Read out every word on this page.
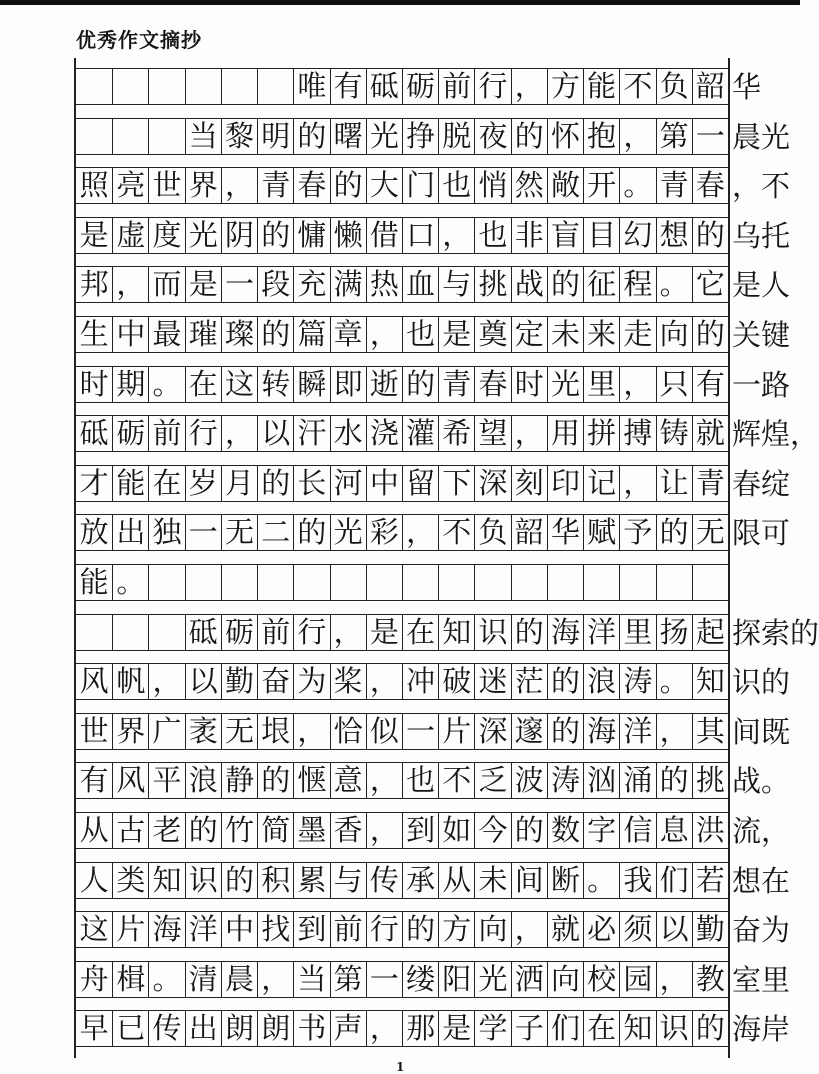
优秀作文摘抄
唯 有 砥 砺 前 行 ， 方 能 不 负 韶 华
当 黎 明 的 曙 光 挣 脱 夜 的 怀 抱 ， 第 一 晨光
照 亮 世 界 ， 青 春 的 大 门 也 悄 然 敞 开 。 青 春 ，不
是 虚 度 光 阴 的 慵 懒 借 口 ， 也 非 盲 目 幻 想 的 乌托
邦 ， 而 是 一 段 充 满 热 血 与 挑 战 的 征 程 。 它 是人
生 中 最 璀 璨 的 篇 章 ， 也 是 奠 定 未 来 走 向 的 关键
时 期 。 在 这 转 瞬 即 逝 的 青 春 时 光 里 ， 只 有 一路
砥 砺 前 行 ， 以 汗 水 浇 灌 希 望 ， 用 拼 搏 铸 就 辉煌，
才 能 在 岁 月 的 长 河 中 留 下 深 刻 印 记 ， 让 青 春绽
放 出 独 一 无 二 的 光 彩 ， 不 负 韶 华 赋 予 的 无 限可
能 。
砥 砺 前 行 ， 是 在 知 识 的 海 洋 里 扬 起 探索的
风 帆 ， 以 勤 奋 为 桨 ， 冲 破 迷 茫 的 浪 涛 。 知 识的
世 界 广 袤 无 垠 ， 恰 似 一 片 深 邃 的 海 洋 ， 其 间既
有 风 平 浪 静 的 惬 意 ， 也 不 乏 波 涛 汹 涌 的 挑 战。
从 古 老 的 竹 简 墨 香 ， 到 如 今 的 数 字 信 息 洪 流，
人 类 知 识 的 积 累 与 传 承 从 未 间 断 。 我 们 若 想在
这 片 海 洋 中 找 到 前 行 的 方 向 ， 就 必 须 以 勤 奋为
舟 楫 。 清 晨 ， 当 第 一 缕 阳 光 洒 向 校 园 ， 教 室里
早 已 传 出 朗 朗 书 声 ， 那 是 学 子 们 在 知 识 的 海岸
1
